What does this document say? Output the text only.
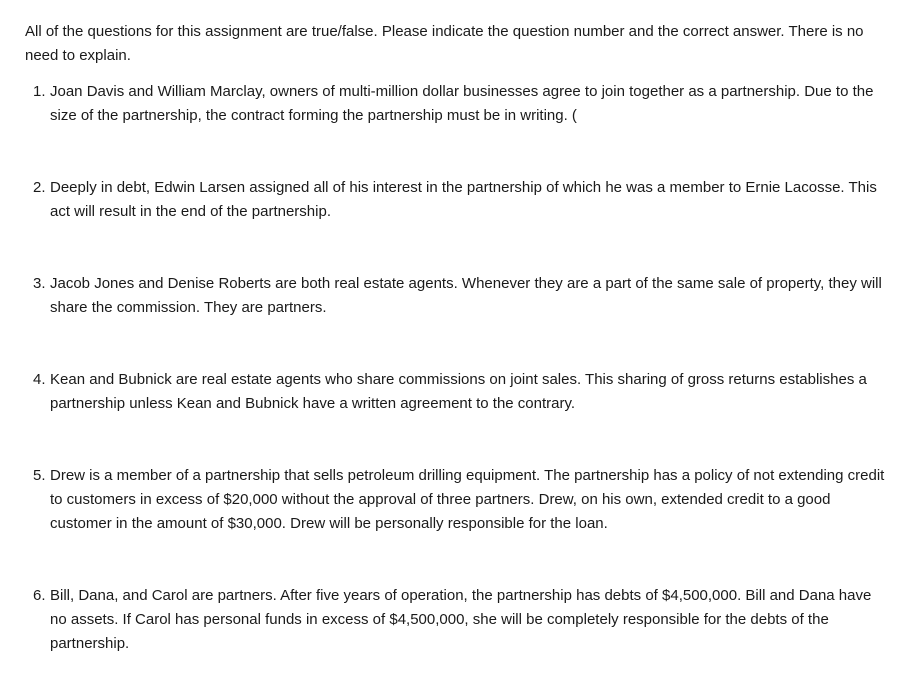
All of the questions for this assignment are true/false. Please indicate the question number and the correct answer. There is no need to explain.

1. Joan Davis and William Marclay, owners of multi-million dollar businesses agree to join together as a partnership. Due to the size of the partnership, the contract forming the partnership must be in writing. (
2. Deeply in debt, Edwin Larsen assigned all of his interest in the partnership of which he was a member to Ernie Lacosse. This act will result in the end of the partnership.
3. Jacob Jones and Denise Roberts are both real estate agents. Whenever they are a part of the same sale of property, they will share the commission. They are partners.
4. Kean and Bubnick are real estate agents who share commissions on joint sales. This sharing of gross returns establishes a partnership unless Kean and Bubnick have a written agreement to the contrary.
5. Drew is a member of a partnership that sells petroleum drilling equipment. The partnership has a policy of not extending credit to customers in excess of $20,000 without the approval of three partners. Drew, on his own, extended credit to a good customer in the amount of $30,000. Drew will be personally responsible for the loan.
6. Bill, Dana, and Carol are partners. After five years of operation, the partnership has debts of $4,500,000. Bill and Dana have no assets. If Carol has personal funds in excess of $4,500,000, she will be completely responsible for the debts of the partnership.
